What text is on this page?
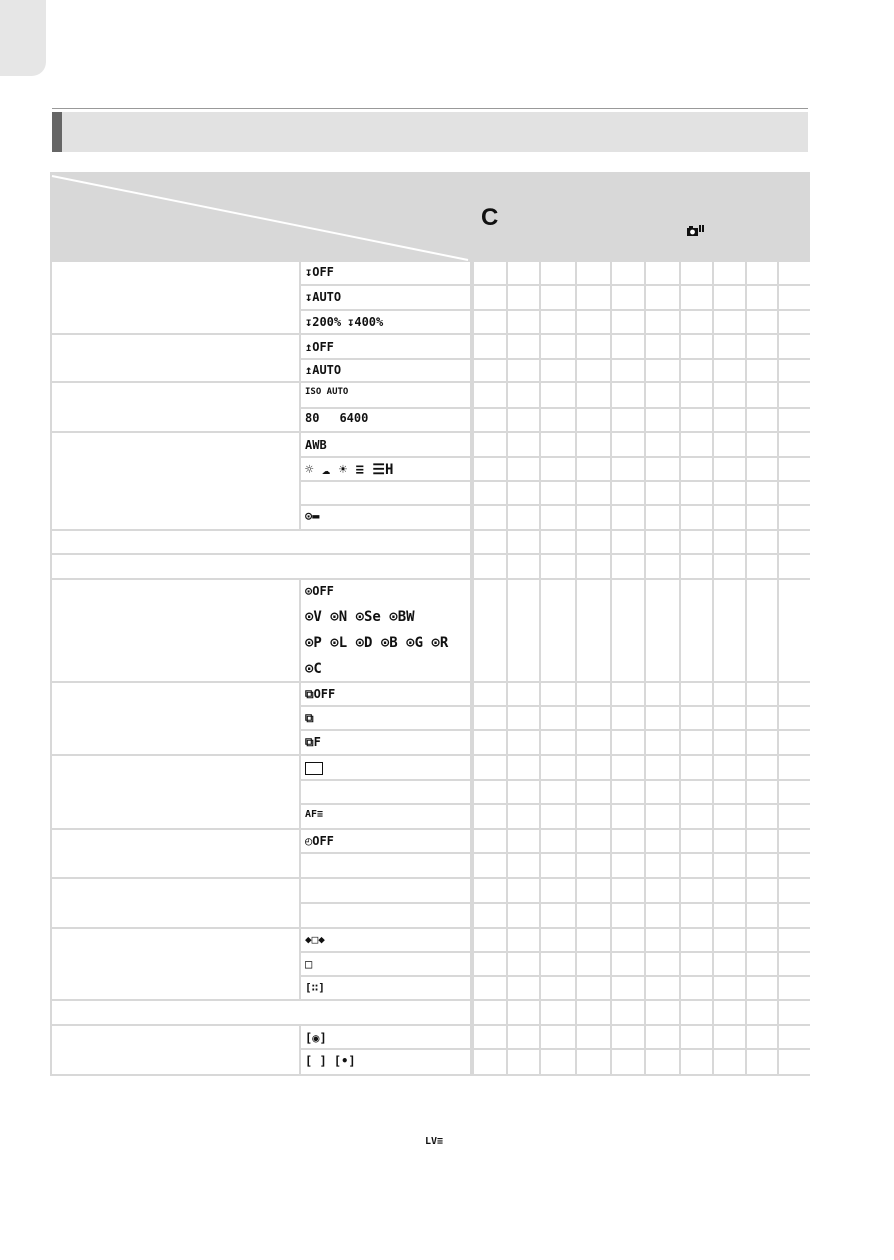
C
↧OFF
↧AUTO
↧200% ↧400%
↥OFF
↥AUTO
ISO AUTO
80 6400
AWB
☼ ☁ ☀ ≡ ☰H
⊙▬
⊙OFF
⊙V ⊙N ⊙Se ⊙BW
⊙P ⊙L ⊙D ⊙B ⊙G ⊙R
⊙C
⧉OFF
⧉
⧉F
AF≡
◴OFF
◆□◆
□
[∷]
[◉]
[ ] [•]
LV≡
